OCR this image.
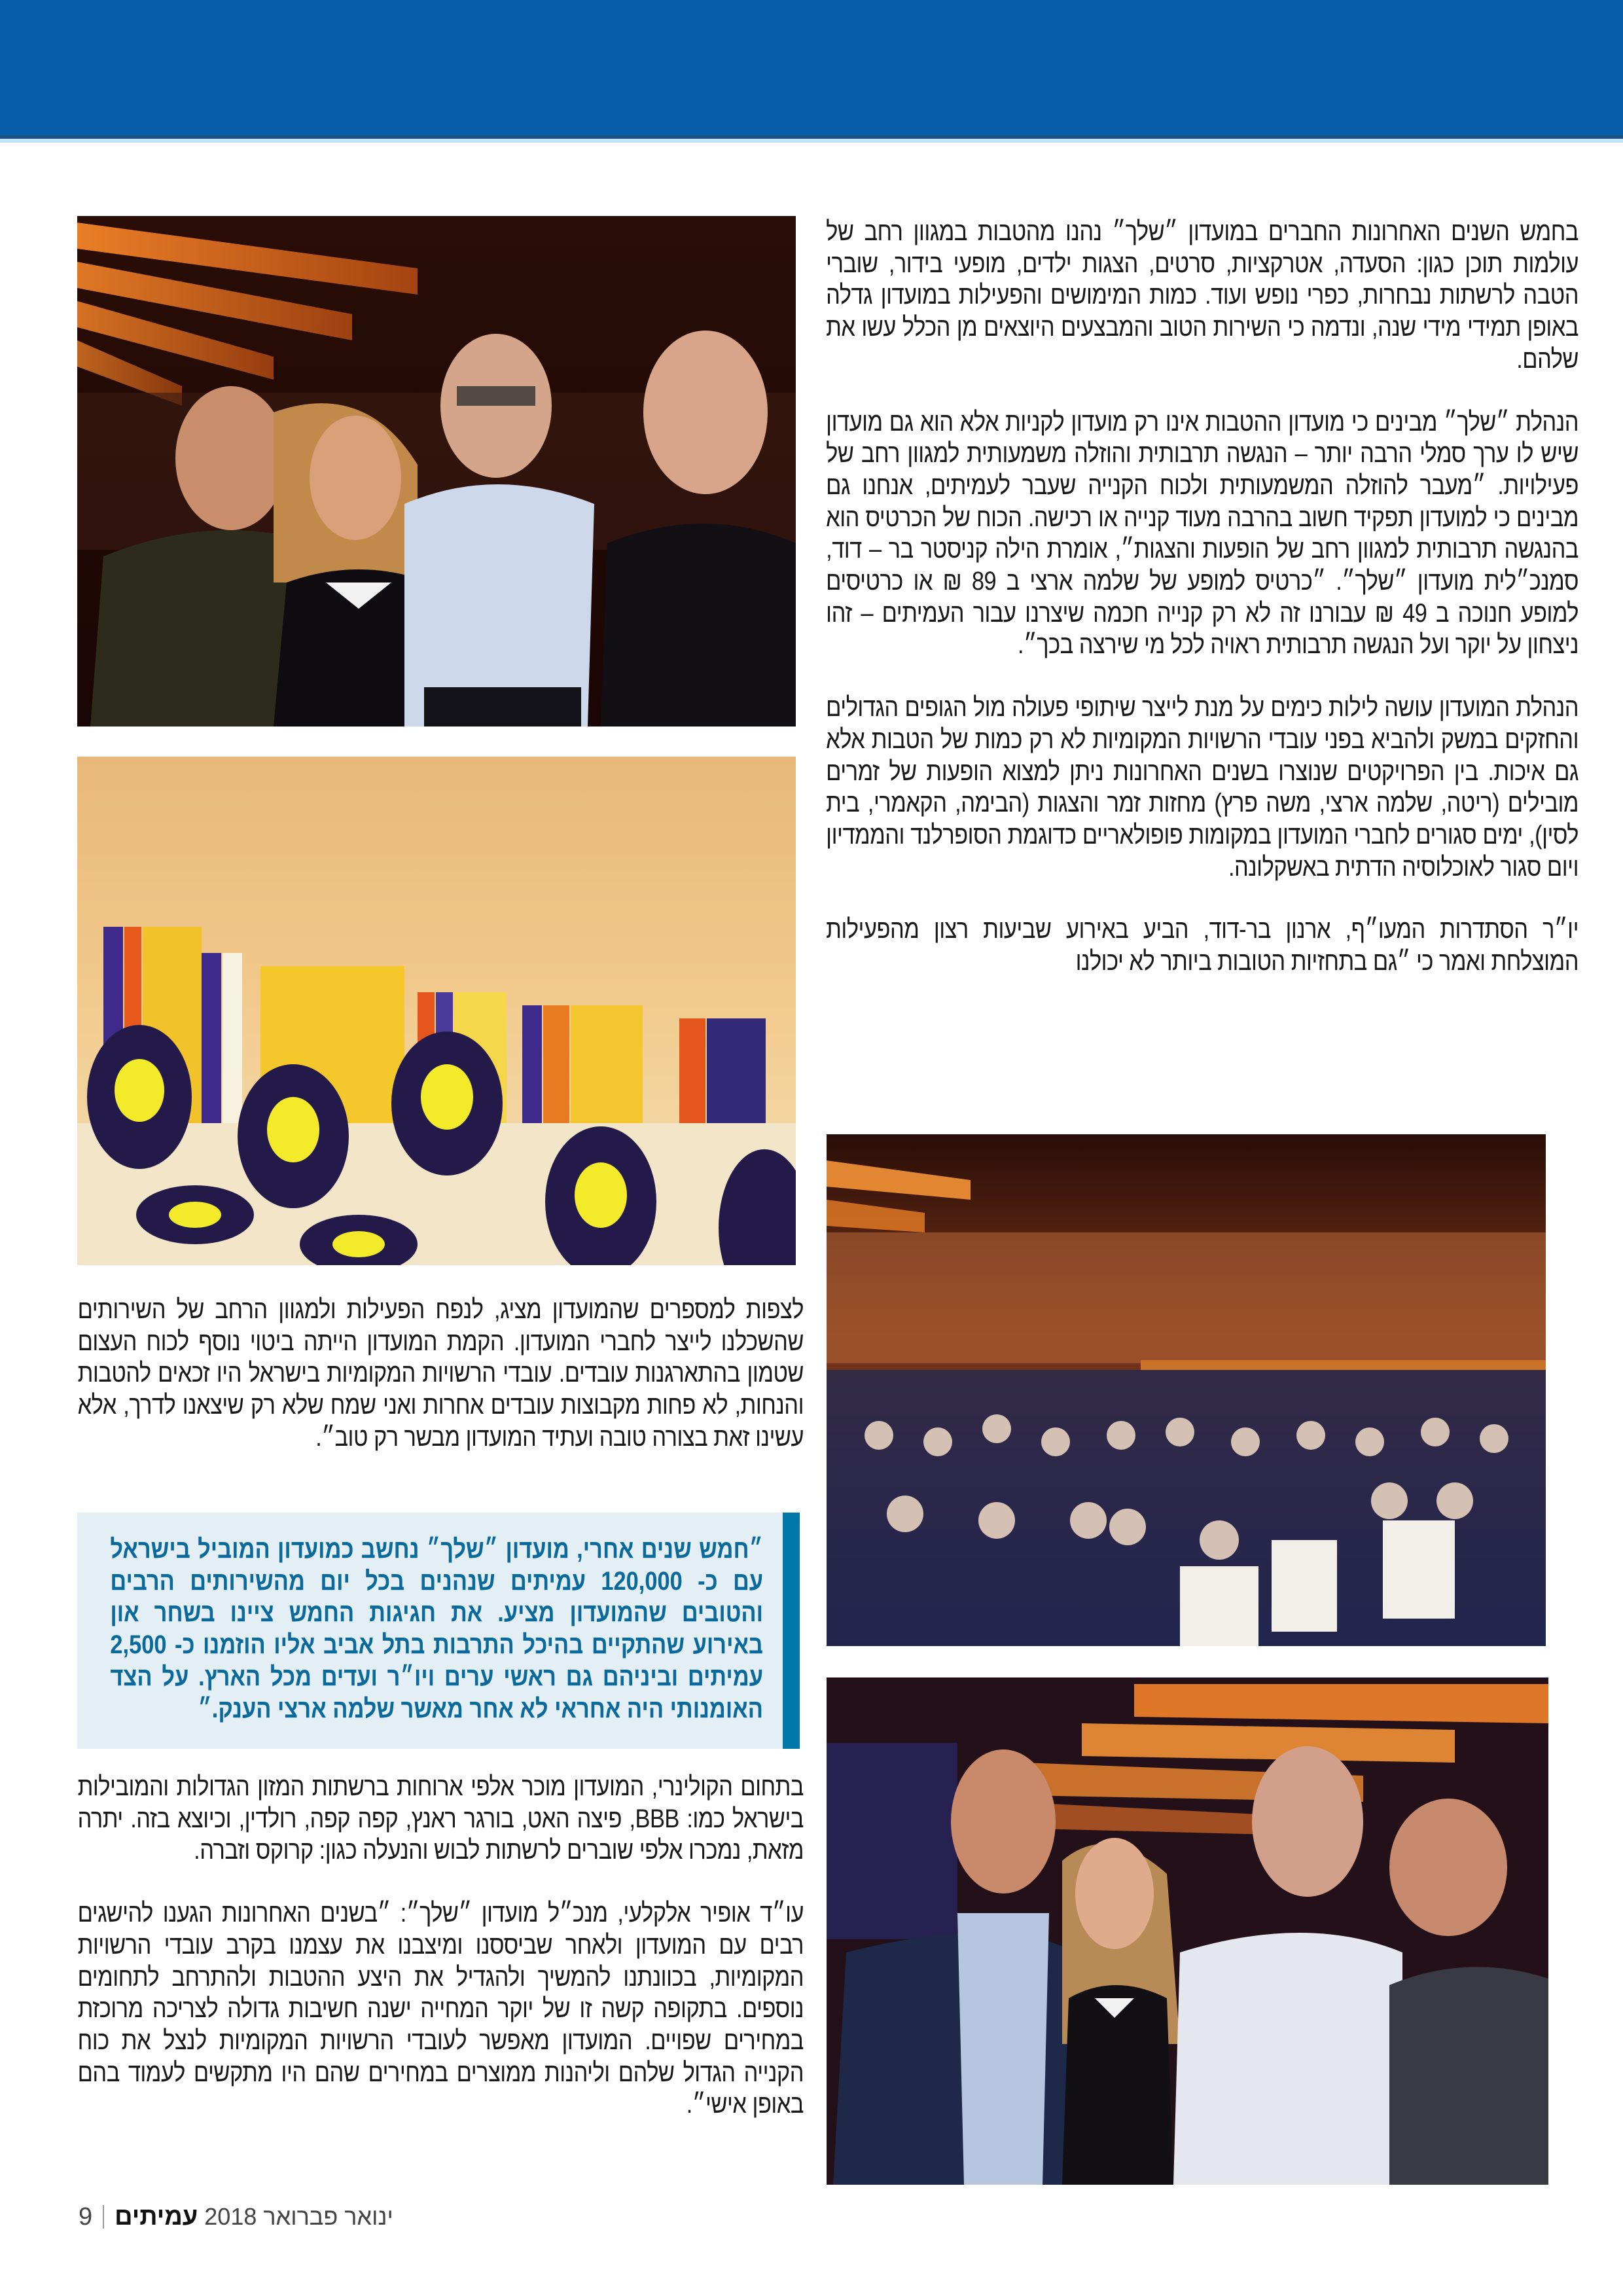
בחמש השנים האחרונות החברים במועדון ״שלך״ נהנו מהטבות במגוון רחב של עולמות תוכן כגון: הסעדה, אטרקציות, סרטים, הצגות ילדים, מופעי בידור, שוברי הטבה לרשתות נבחרות, כפרי נופש ועוד. כמות המימושים והפעילות במועדון גדלה באופן תמידי מידי שנה, ונדמה כי השירות הטוב והמבצעים היוצאים מן הכלל עשו את שלהם.

הנהלת ״שלך״ מבינים כי מועדון ההטבות אינו רק מועדון לקניות אלא הוא גם מועדון שיש לו ערך סמלי הרבה יותר – הנגשה תרבותית והוזלה משמעותית למגוון רחב של פעילויות. ״מעבר להוזלה המשמעותית ולכוח הקנייה שעבר לעמיתים, אנחנו גם מבינים כי למועדון תפקיד חשוב בהרבה מעוד קנייה או רכישה. הכוח של הכרטיס הוא בהנגשה תרבותית למגוון רחב של הופעות והצגות״, אומרת הילה קניסטר בר – דוד, סמנכ״לית מועדון ״שלך״. ״כרטיס למופע של שלמה ארצי ב 89 ₪ או כרטיסים למופע חנוכה ב 49 ₪ עבורנו זה לא רק קנייה חכמה שיצרנו עבור העמיתים – זהו ניצחון על יוקר ועל הנגשה תרבותית ראויה לכל מי שירצה בכך״.

הנהלת המועדון עושה לילות כימים על מנת לייצר שיתופי פעולה מול הגופים הגדולים והחזקים במשק ולהביא בפני עובדי הרשויות המקומיות לא רק כמות של הטבות אלא גם איכות. בין הפרויקטים שנוצרו בשנים האחרונות ניתן למצוא הופעות של זמרים מובילים (ריטה, שלמה ארצי, משה פרץ) מחזות זמר והצגות (הבימה, הקאמרי, בית לסין), ימים סגורים לחברי המועדון במקומות פופולאריים כדוגמת הסופרלנד והממדיון ויום סגור לאוכלוסיה הדתית באשקלונה.

יו״ר הסתדרות המעו״ף, ארנון בר-דוד, הביע באירוע שביעות רצון מהפעילות המוצלחת ואמר כי ״גם בתחזיות הטובות ביותר לא יכולנו

לצפות למספרים שהמועדון מציג, לנפח הפעילות ולמגוון הרחב של השירותים שהשכלנו לייצר לחברי המועדון. הקמת המועדון הייתה ביטוי נוסף לכוח העצום שטמון בהתארגנות עובדים. עובדי הרשויות המקומיות בישראל היו זכאים להטבות והנחות, לא פחות מקבוצות עובדים אחרות ואני שמח שלא רק שיצאנו לדרך, אלא עשינו זאת בצורה טובה ועתיד המועדון מבשר רק טוב״.

״חמש שנים אחרי, מועדון ״שלך״ נחשב כמועדון המוביל בישראל עם כ- 120,000 עמיתים שנהנים בכל יום מהשירותים הרבים והטובים שהמועדון מציע. את חגיגות החמש ציינו בשחר און באירוע שהתקיים בהיכל התרבות בתל אביב אליו הוזמנו כ- 2,500 עמיתים וביניהם גם ראשי ערים ויו״ר ועדים מכל הארץ. על הצד האומנותי היה אחראי לא אחר מאשר שלמה ארצי הענק.״

בתחום הקולינרי, המועדון מוכר אלפי ארוחות ברשתות המזון הגדולות והמובילות בישראל כמו: BBB, פיצה האט, בורגר ראנץ, קפה קפה, רולדין, וכיוצא בזה. יתרה מזאת, נמכרו אלפי שוברים לרשתות לבוש והנעלה כגון: קרוקס וזברה.

עו״ד אופיר אלקלעי, מנכ״ל מועדון ״שלך״: ״בשנים האחרונות הגענו להישגים רבים עם המועדון ולאחר שביססנו ומיצבנו את עצמנו בקרב עובדי הרשויות המקומיות, בכוונתנו להמשיך ולהגדיל את היצע ההטבות ולהתרחב לתחומים נוספים. בתקופה קשה זו של יוקר המחייה ישנה חשיבות גדולה לצריכה מרוכזת במחירים שפויים. המועדון מאפשר לעובדי הרשויות המקומיות לנצל את כוח הקנייה הגדול שלהם וליהנות ממוצרים במחירים שהם היו מתקשים לעמוד בהם באופן אישי״.

9 עמיתים ינואר פברואר 2018
